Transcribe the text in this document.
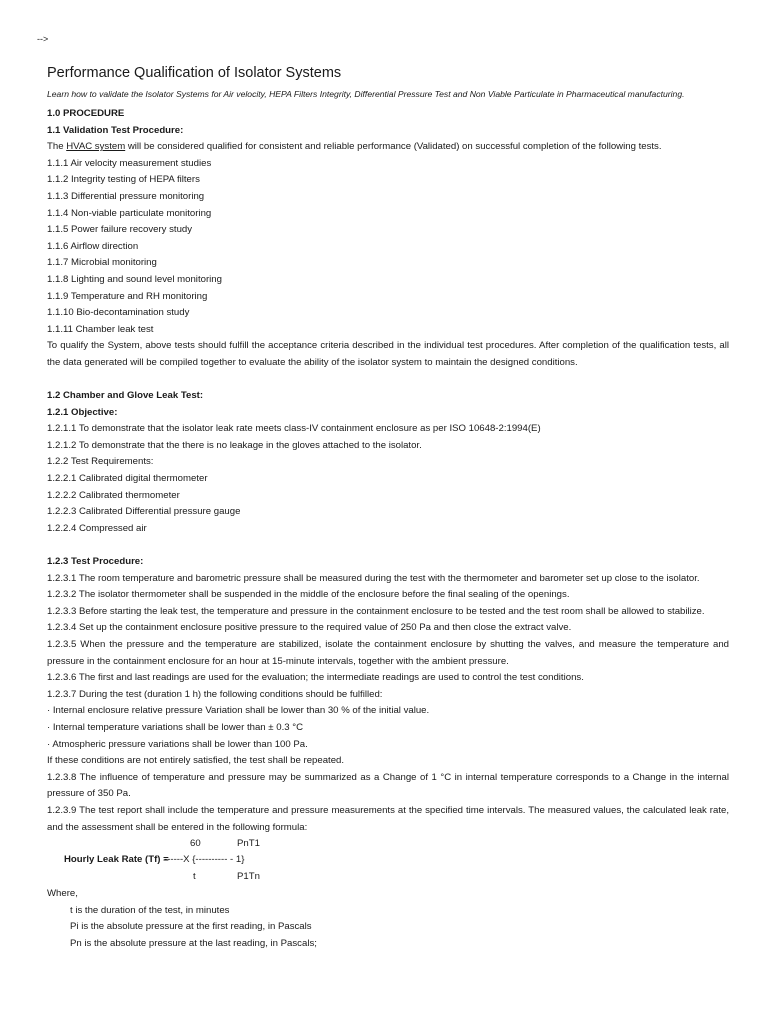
-->
Performance Qualification of Isolator Systems

Learn how to validate the Isolator Systems for Air velocity, HEPA Filters Integrity, Differential Pressure Test and Non Viable Particulate in Pharmaceutical manufacturing.

1.0 PROCEDURE

1.1 Validation Test Procedure:

The HVAC system will be considered qualified for consistent and reliable performance (Validated) on successful completion of the following tests.

1.1.1 Air velocity measurement studies

1.1.2 Integrity testing of HEPA filters

1.1.3 Differential pressure monitoring

1.1.4 Non-viable particulate monitoring

1.1.5 Power failure recovery study

1.1.6 Airflow direction

1.1.7 Microbial monitoring

1.1.8 Lighting and sound level monitoring

1.1.9 Temperature and RH monitoring

1.1.10 Bio-decontamination study

1.1.11 Chamber leak test

To qualify the System, above tests should fulfill the acceptance criteria described in the individual test procedures. After completion of the qualification tests, all the data generated will be compiled together to evaluate the ability of the isolator system to maintain the designed conditions.

1.2 Chamber and Glove Leak Test:

1.2.1 Objective:

1.2.1.1 To demonstrate that the isolator leak rate meets class-IV containment enclosure as per ISO 10648-2:1994(E)

1.2.1.2 To demonstrate that the there is no leakage in the gloves attached to the isolator.

1.2.2 Test Requirements:

1.2.2.1 Calibrated digital thermometer

1.2.2.2 Calibrated thermometer

1.2.2.3 Calibrated Differential pressure gauge

1.2.2.4 Compressed air

1.2.3 Test Procedure:

1.2.3.1 The room temperature and barometric pressure shall be measured during the test with the thermometer and barometer set up close to the isolator.

1.2.3.2 The isolator thermometer shall be suspended in the middle of the enclosure before the final sealing of the openings.

1.2.3.3 Before starting the leak test, the temperature and pressure in the containment enclosure to be tested and the test room shall be allowed to stabilize.

1.2.3.4 Set up the containment enclosure positive pressure to the required value of 250 Pa and then close the extract valve.

1.2.3.5 When the pressure and the temperature are stabilized, isolate the containment enclosure by shutting the valves, and measure the temperature and pressure in the containment enclosure for an hour at 15-minute intervals, together with the ambient pressure.

1.2.3.6 The first and last readings are used for the evaluation; the intermediate readings are used to control the test conditions.

1.2.3.7 During the test (duration 1 h) the following conditions should be fulfilled:

· Internal enclosure relative pressure Variation shall be lower than 30 % of the initial value.

· Internal temperature variations shall be lower than ± 0.3 °C

· Atmospheric pressure variations shall be lower than 100 Pa.

If these conditions are not entirely satisfied, the test shall be repeated.

1.2.3.8 The influence of temperature and pressure may be summarized as a Change of 1 °C in internal temperature corresponds to a Change in the internal pressure of 350 Pa.

1.2.3.9 The test report shall include the temperature and pressure measurements at the specified time intervals. The measured values, the calculated leak rate, and the assessment shall be entered in the following formula:

60	PnT1
Hourly Leak Rate (Tf) =
------X {---------- - 1}
t	P1Tn

Where,

t is the duration of the test, in minutes

Pi is the absolute pressure at the first reading, in Pascals

Pn is the absolute pressure at the last reading, in Pascals;
